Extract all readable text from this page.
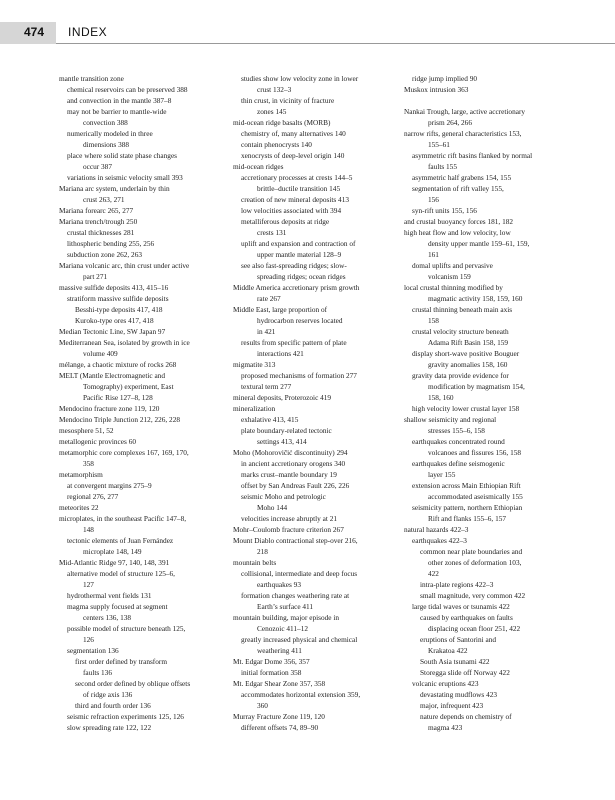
474 INDEX
mantle transition zone
chemical reservoirs can be preserved 388
and convection in the mantle 387–8
may not be barrier to mantle-wide
convection 388
numerically modeled in three
dimensions 388
place where solid state phase changes
occur 387
variations in seismic velocity small 393
Mariana arc system, underlain by thin
crust 263, 271
Mariana forearc 265, 277
Mariana trench/trough 250
crustal thicknesses 281
lithospheric bending 255, 256
subduction zone 262, 263
Mariana volcanic arc, thin crust under active
part 271
massive sulfide deposits 413, 415–16
stratiform massive sulfide deposits
Besshi-type deposits 417, 418
Kuroko-type ores 417, 418
Median Tectonic Line, SW Japan 97
Mediterranean Sea, isolated by growth in ice
volume 409
mélange, a chaotic mixture of rocks 268
MELT (Mantle Electromagnetic and
Tomography) experiment, East
Pacific Rise 127–8, 128
Mendocino fracture zone 119, 120
Mendocino Triple Junction 212, 226, 228
mesosphere 51, 52
metallogenic provinces 60
metamorphic core complexes 167, 169, 170,
358
metamorphism
at convergent margins 275–9
regional 276, 277
meteorites 22
microplates, in the southeast Pacific 147–8,
148
tectonic elements of Juan Fernández
microplate 148, 149
Mid-Atlantic Ridge 97, 140, 148, 391
alternative model of structure 125–6,
127
hydrothermal vent fields 131
magma supply focused at segment
centers 136, 138
possible model of structure beneath 125,
126
segmentation 136
first order defined by transform
faults 136
second order defined by oblique offsets
of ridge axis 136
third and fourth order 136
seismic refraction experiments 125, 126
slow spreading rate 122, 122
studies show low velocity zone in lower
crust 132–3
thin crust, in vicinity of fracture
zones 145
mid-ocean ridge basalts (MORB)
chemistry of, many alternatives 140
contain phenocrysts 140
xenocrysts of deep-level origin 140
mid-ocean ridges
accretionary processes at crests 144–5
brittle–ductile transition 145
creation of new mineral deposits 413
low velocities associated with 394
metalliferous deposits at ridge
crests 131
uplift and expansion and contraction of
upper mantle material 128–9
see also fast-spreading ridges; slow-
spreading ridges; ocean ridges
Middle America accretionary prism growth
rate 267
Middle East, large proportion of
hydrocarbon reserves located
in 421
results from specific pattern of plate
interactions 421
migmatite 313
proposed mechanisms of formation 277
textural term 277
mineral deposits, Proterozoic 419
mineralization
exhalative 413, 415
plate boundary-related tectonic
settings 413, 414
Moho (Mohorovičić discontinuity) 294
in ancient accretionary orogens 340
marks crust–mantle boundary 19
offset by San Andreas Fault 226, 226
seismic Moho and petrologic
Moho 144
velocities increase abruptly at 21
Mohr–Coulomb fracture criterion 267
Mount Diablo contractional step-over 216,
218
mountain belts
collisional, intermediate and deep focus
earthquakes 93
formation changes weathering rate at
Earth’s surface 411
mountain building, major episode in
Cenozoic 411–12
greatly increased physical and chemical
weathering 411
Mt. Edgar Dome 356, 357
initial formation 358
Mt. Edgar Shear Zone 357, 358
accommodates horizontal extension 359,
360
Murray Fracture Zone 119, 120
different offsets 74, 89–90
ridge jump implied 90
Muskox intrusion 363

Nankai Trough, large, active accretionary
prism 264, 266
narrow rifts, general characteristics 153,
155–61
asymmetric rift basins flanked by normal
faults 155
asymmetric half grabens 154, 155
segmentation of rift valley 155,
156
syn-rift units 155, 156
and crustal buoyancy forces 181, 182
high heat flow and low velocity, low
density upper mantle 159–61, 159,
161
domal uplifts and pervasive
volcanism 159
local crustal thinning modified by
magmatic activity 158, 159, 160
crustal thinning beneath main axis
158
crustal velocity structure beneath
Adama Rift Basin 158, 159
display short-wave positive Bouguer
gravity anomalies 158, 160
gravity data provide evidence for
modification by magmatism 154,
158, 160
high velocity lower crustal layer 158
shallow seismicity and regional
stresses 155–6, 158
earthquakes concentrated round
volcanoes and fissures 156, 158
earthquakes define seismogenic
layer 155
extension across Main Ethiopian Rift
accommodated aseismically 155
seismicity pattern, northern Ethiopian
Rift and flanks 155–6, 157
natural hazards 422–3
earthquakes 422–3
common near plate boundaries and
other zones of deformation 103,
422
intra-plate regions 422–3
small magnitude, very common 422
large tidal waves or tsunamis 422
caused by earthquakes on faults
displacing ocean floor 251, 422
eruptions of Santorini and
Krakatoa 422
South Asia tsunami 422
Storegga slide off Norway 422
volcanic eruptions 423
devastating mudflows 423
major, infrequent 423
nature depends on chemistry of
magma 423
